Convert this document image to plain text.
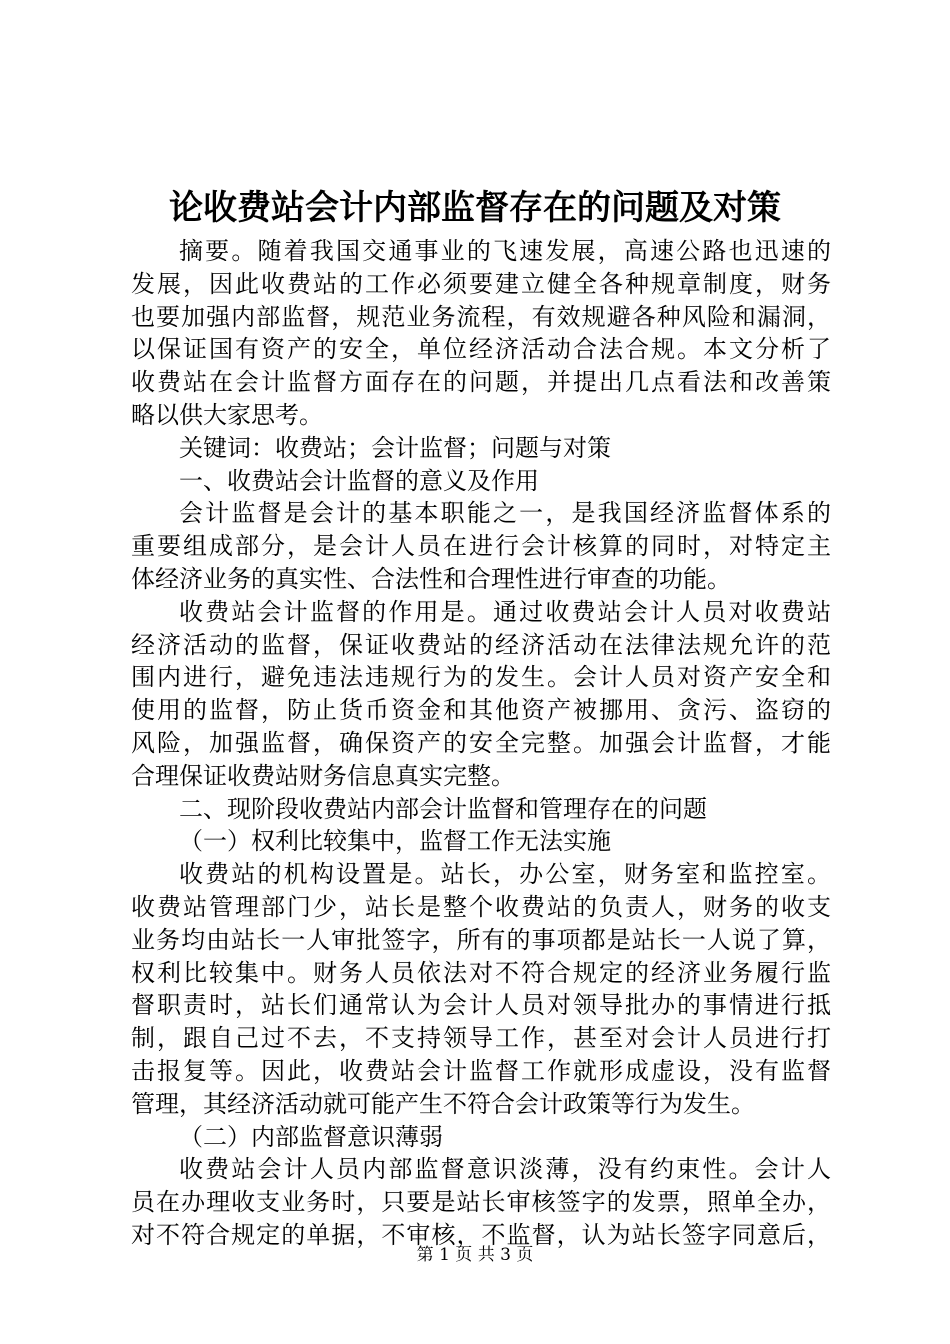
论收费站会计内部监督存在的问题及对策
摘要。随着我国交通事业的飞速发展，高速公路也迅速的
发展，因此收费站的工作必须要建立健全各种规章制度，财务
也要加强内部监督，规范业务流程，有效规避各种风险和漏洞，
以保证国有资产的安全，单位经济活动合法合规。本文分析了
收费站在会计监督方面存在的问题，并提出几点看法和改善策
略以供大家思考。
关键词：收费站；会计监督；问题与对策
一、收费站会计监督的意义及作用
会计监督是会计的基本职能之一，是我国经济监督体系的
重要组成部分，是会计人员在进行会计核算的同时，对特定主
体经济业务的真实性、合法性和合理性进行审查的功能。
收费站会计监督的作用是。通过收费站会计人员对收费站
经济活动的监督，保证收费站的经济活动在法律法规允许的范
围内进行，避免违法违规行为的发生。会计人员对资产安全和
使用的监督，防止货币资金和其他资产被挪用、贪污、盗窃的
风险，加强监督，确保资产的安全完整。加强会计监督，才能
合理保证收费站财务信息真实完整。
二、现阶段收费站内部会计监督和管理存在的问题
（一）权利比较集中，监督工作无法实施
收费站的机构设置是。站长，办公室，财务室和监控室。
收费站管理部门少，站长是整个收费站的负责人，财务的收支
业务均由站长一人审批签字，所有的事项都是站长一人说了算，
权利比较集中。财务人员依法对不符合规定的经济业务履行监
督职责时，站长们通常认为会计人员对领导批办的事情进行抵
制，跟自己过不去，不支持领导工作，甚至对会计人员进行打
击报复等。因此，收费站会计监督工作就形成虚设，没有监督
管理，其经济活动就可能产生不符合会计政策等行为发生。
（二）内部监督意识薄弱
收费站会计人员内部监督意识淡薄，没有约束性。会计人
员在办理收支业务时，只要是站长审核签字的发票，照单全办，
对不符合规定的单据，不审核，不监督，认为站长签字同意后，
第 1 页 共 3 页
